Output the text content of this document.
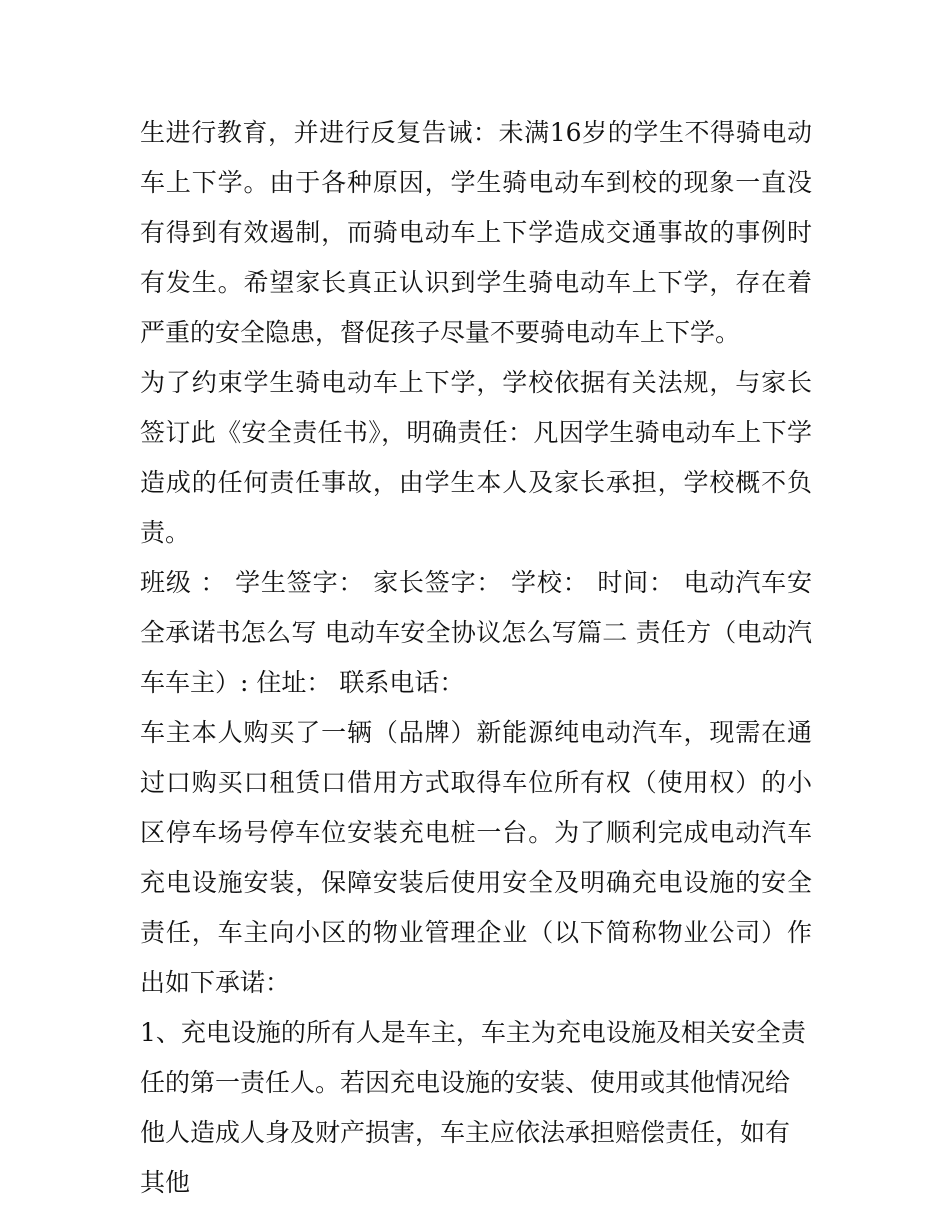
生进行教育，并进行反复告诫：未满16岁的学生不得骑电动车上下学。由于各种原因，学生骑电动车到校的现象一直没有得到有效遏制，而骑电动车上下学造成交通事故的事例时有发生。希望家长真正认识到学生骑电动车上下学，存在着严重的安全隐患，督促孩子尽量不要骑电动车上下学。

为了约束学生骑电动车上下学，学校依据有关法规，与家长签订此《安全责任书》，明确责任：凡因学生骑电动车上下学造成的任何责任事故，由学生本人及家长承担，学校概不负责。

班级 ： 学生签字： 家长签字： 学校： 时间： 电动汽车安全承诺书怎么写 电动车安全协议怎么写篇二 责任方（电动汽车车主）: 住址： 联系电话：

车主本人购买了一辆（品牌）新能源纯电动汽车，现需在通过口购买口租赁口借用方式取得车位所有权（使用权）的小区停车场号停车位安装充电桩一台。为了顺利完成电动汽车充电设施安装，保障安装后使用安全及明确充电设施的安全责任，车主向小区的物业管理企业（以下简称物业公司）作出如下承诺：

1、充电设施的所有人是车主，车主为充电设施及相关安全责任的第一责任人。若因充电设施的安装、使用或其他情况给他人造成人身及财产损害，车主应依法承担赔偿责任，如有其他
